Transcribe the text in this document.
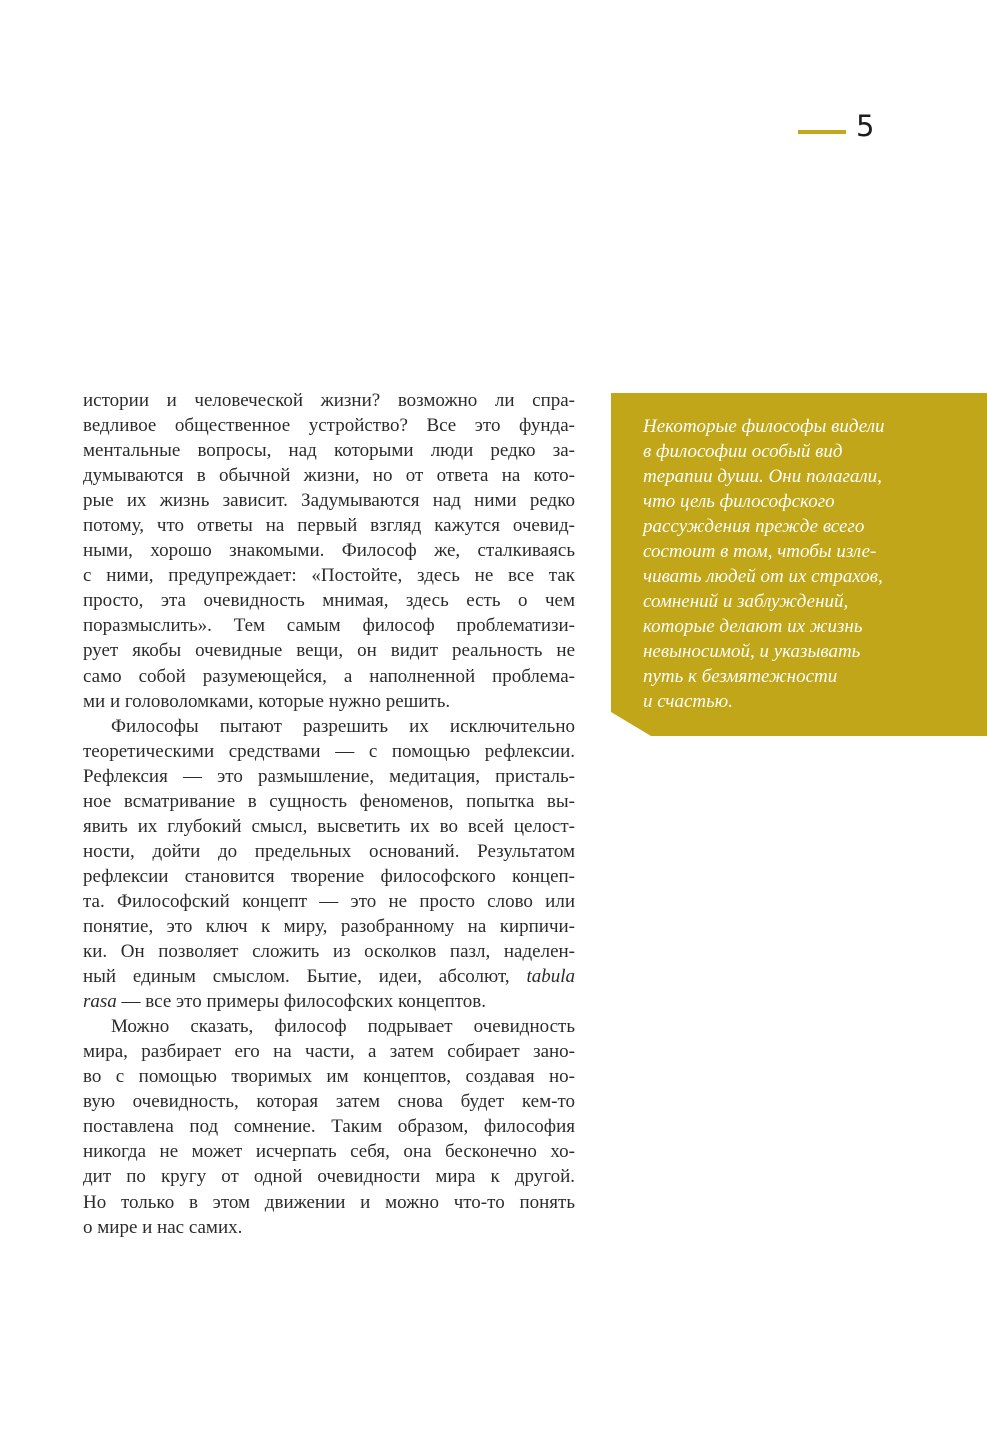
5
истории и человеческой жизни? возможно ли спра-
ведливое общественное устройство? Все это фунда-
ментальные вопросы, над которыми люди редко за-
думываются в обычной жизни, но от ответа на кото-
рые их жизнь зависит. Задумываются над ними редко
потому, что ответы на первый взгляд кажутся очевид-
ными, хорошо знакомыми. Философ же, сталкиваясь
с ними, предупреждает: «Постойте, здесь не все так
просто, эта очевидность мнимая, здесь есть о чем
поразмыслить». Тем самым философ проблематизи-
рует якобы очевидные вещи, он видит реальность не
само собой разумеющейся, а наполненной проблема-
ми и головоломками, которые нужно решить.
Философы пытают разрешить их исключительно
теоретическими средствами — с помощью рефлексии.
Рефлексия — это размышление, медитация, присталь-
ное всматривание в сущность феноменов, попытка вы-
явить их глубокий смысл, высветить их во всей целост-
ности, дойти до предельных оснований. Результатом
рефлексии становится творение философского концеп-
та. Философский концепт — это не просто слово или
понятие, это ключ к миру, разобранному на кирпичи-
ки. Он позволяет сложить из осколков пазл, наделен-
ный единым смыслом. Бытие, идеи, абсолют, tabula
rasa — все это примеры философских концептов.
Можно сказать, философ подрывает очевидность
мира, разбирает его на части, а затем собирает зано-
во с помощью творимых им концептов, создавая но-
вую очевидность, которая затем снова будет кем-то
поставлена под сомнение. Таким образом, философия
никогда не может исчерпать себя, она бесконечно хо-
дит по кругу от одной очевидности мира к другой.
Но только в этом движении и можно что-то понять
о мире и нас самих.
Некоторые философы видели
в философии особый вид
терапии души. Они полагали,
что цель философского
рассуждения прежде всего
состоит в том, чтобы изле-
чивать людей от их страхов,
сомнений и заблуждений,
которые делают их жизнь
невыносимой, и указывать
путь к безмятежности
и счастью.
